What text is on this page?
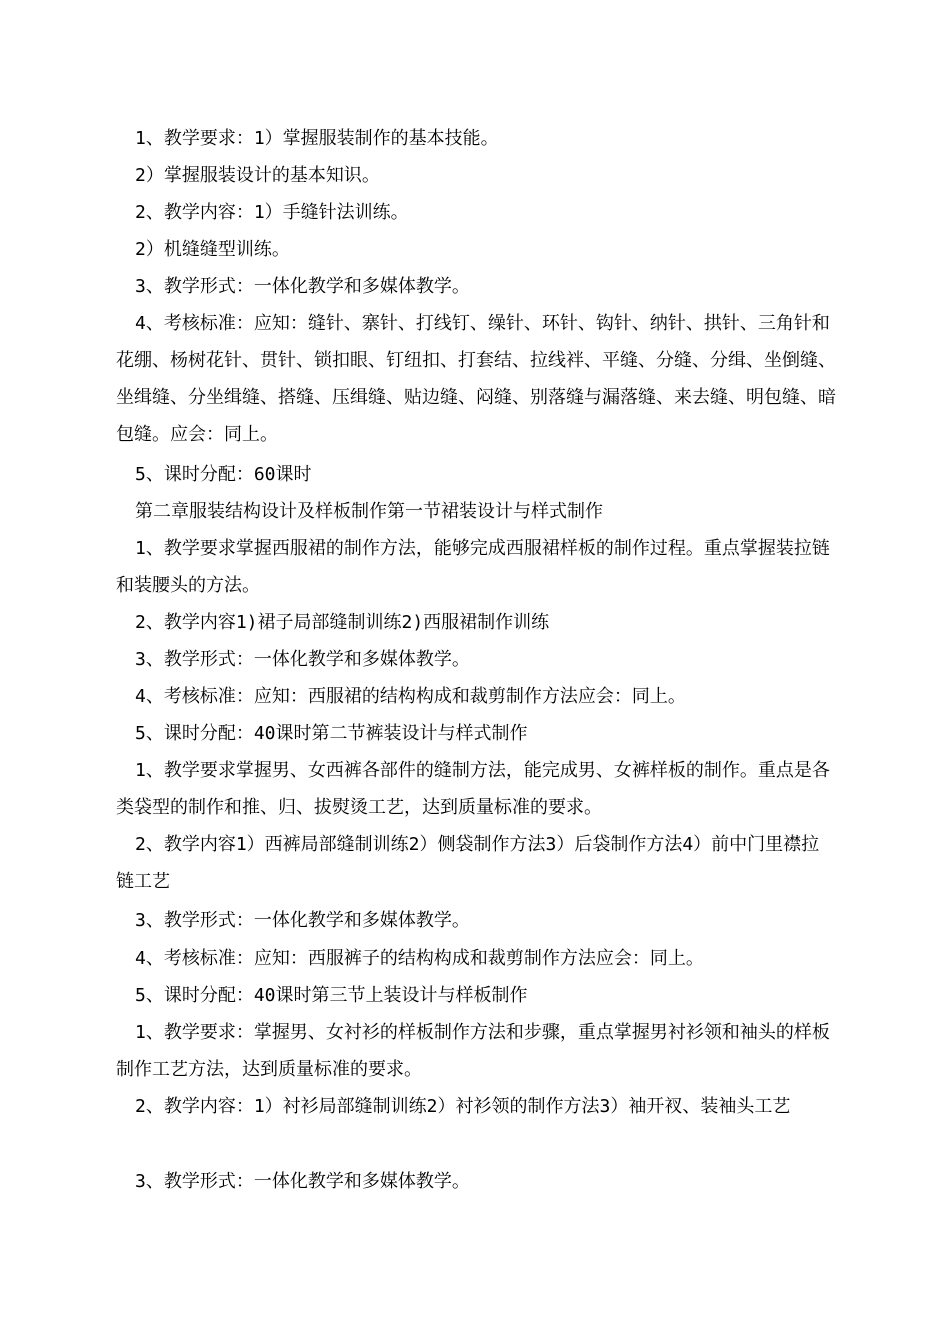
1、教学要求：1）掌握服装制作的基本技能。

2）掌握服装设计的基本知识。

2、教学内容：1）手缝针法训练。

2）机缝缝型训练。

3、教学形式：一体化教学和多媒体教学。

4、考核标准：应知：缝针、寨针、打线钉、缲针、环针、钩针、纳针、拱针、三角针和花绷、杨树花针、贯针、锁扣眼、钉纽扣、打套结、拉线袢、平缝、分缝、分缉、坐倒缝、坐缉缝、分坐缉缝、搭缝、压缉缝、贴边缝、闷缝、别落缝与漏落缝、来去缝、明包缝、暗包缝。应会：同上。

5、课时分配：60课时

第二章服装结构设计及样板制作第一节裙装设计与样式制作

1、教学要求掌握西服裙的制作方法，能够完成西服裙样板的制作过程。重点掌握装拉链和装腰头的方法。

2、教学内容1)裙子局部缝制训练2)西服裙制作训练

3、教学形式：一体化教学和多媒体教学。

4、考核标准：应知：西服裙的结构构成和裁剪制作方法应会：同上。

5、课时分配：40课时第二节裤装设计与样式制作

1、教学要求掌握男、女西裤各部件的缝制方法，能完成男、女裤样板的制作。重点是各类袋型的制作和推、归、拔熨烫工艺，达到质量标准的要求。

2、教学内容1）西裤局部缝制训练2）侧袋制作方法3）后袋制作方法4）前中门里襟拉链工艺

3、教学形式：一体化教学和多媒体教学。

4、考核标准：应知：西服裤子的结构构成和裁剪制作方法应会：同上。

5、课时分配：40课时第三节上装设计与样板制作

1、教学要求：掌握男、女衬衫的样板制作方法和步骤，重点掌握男衬衫领和袖头的样板制作工艺方法，达到质量标准的要求。

2、教学内容：1）衬衫局部缝制训练2）衬衫领的制作方法3）袖开衩、装袖头工艺

3、教学形式：一体化教学和多媒体教学。
